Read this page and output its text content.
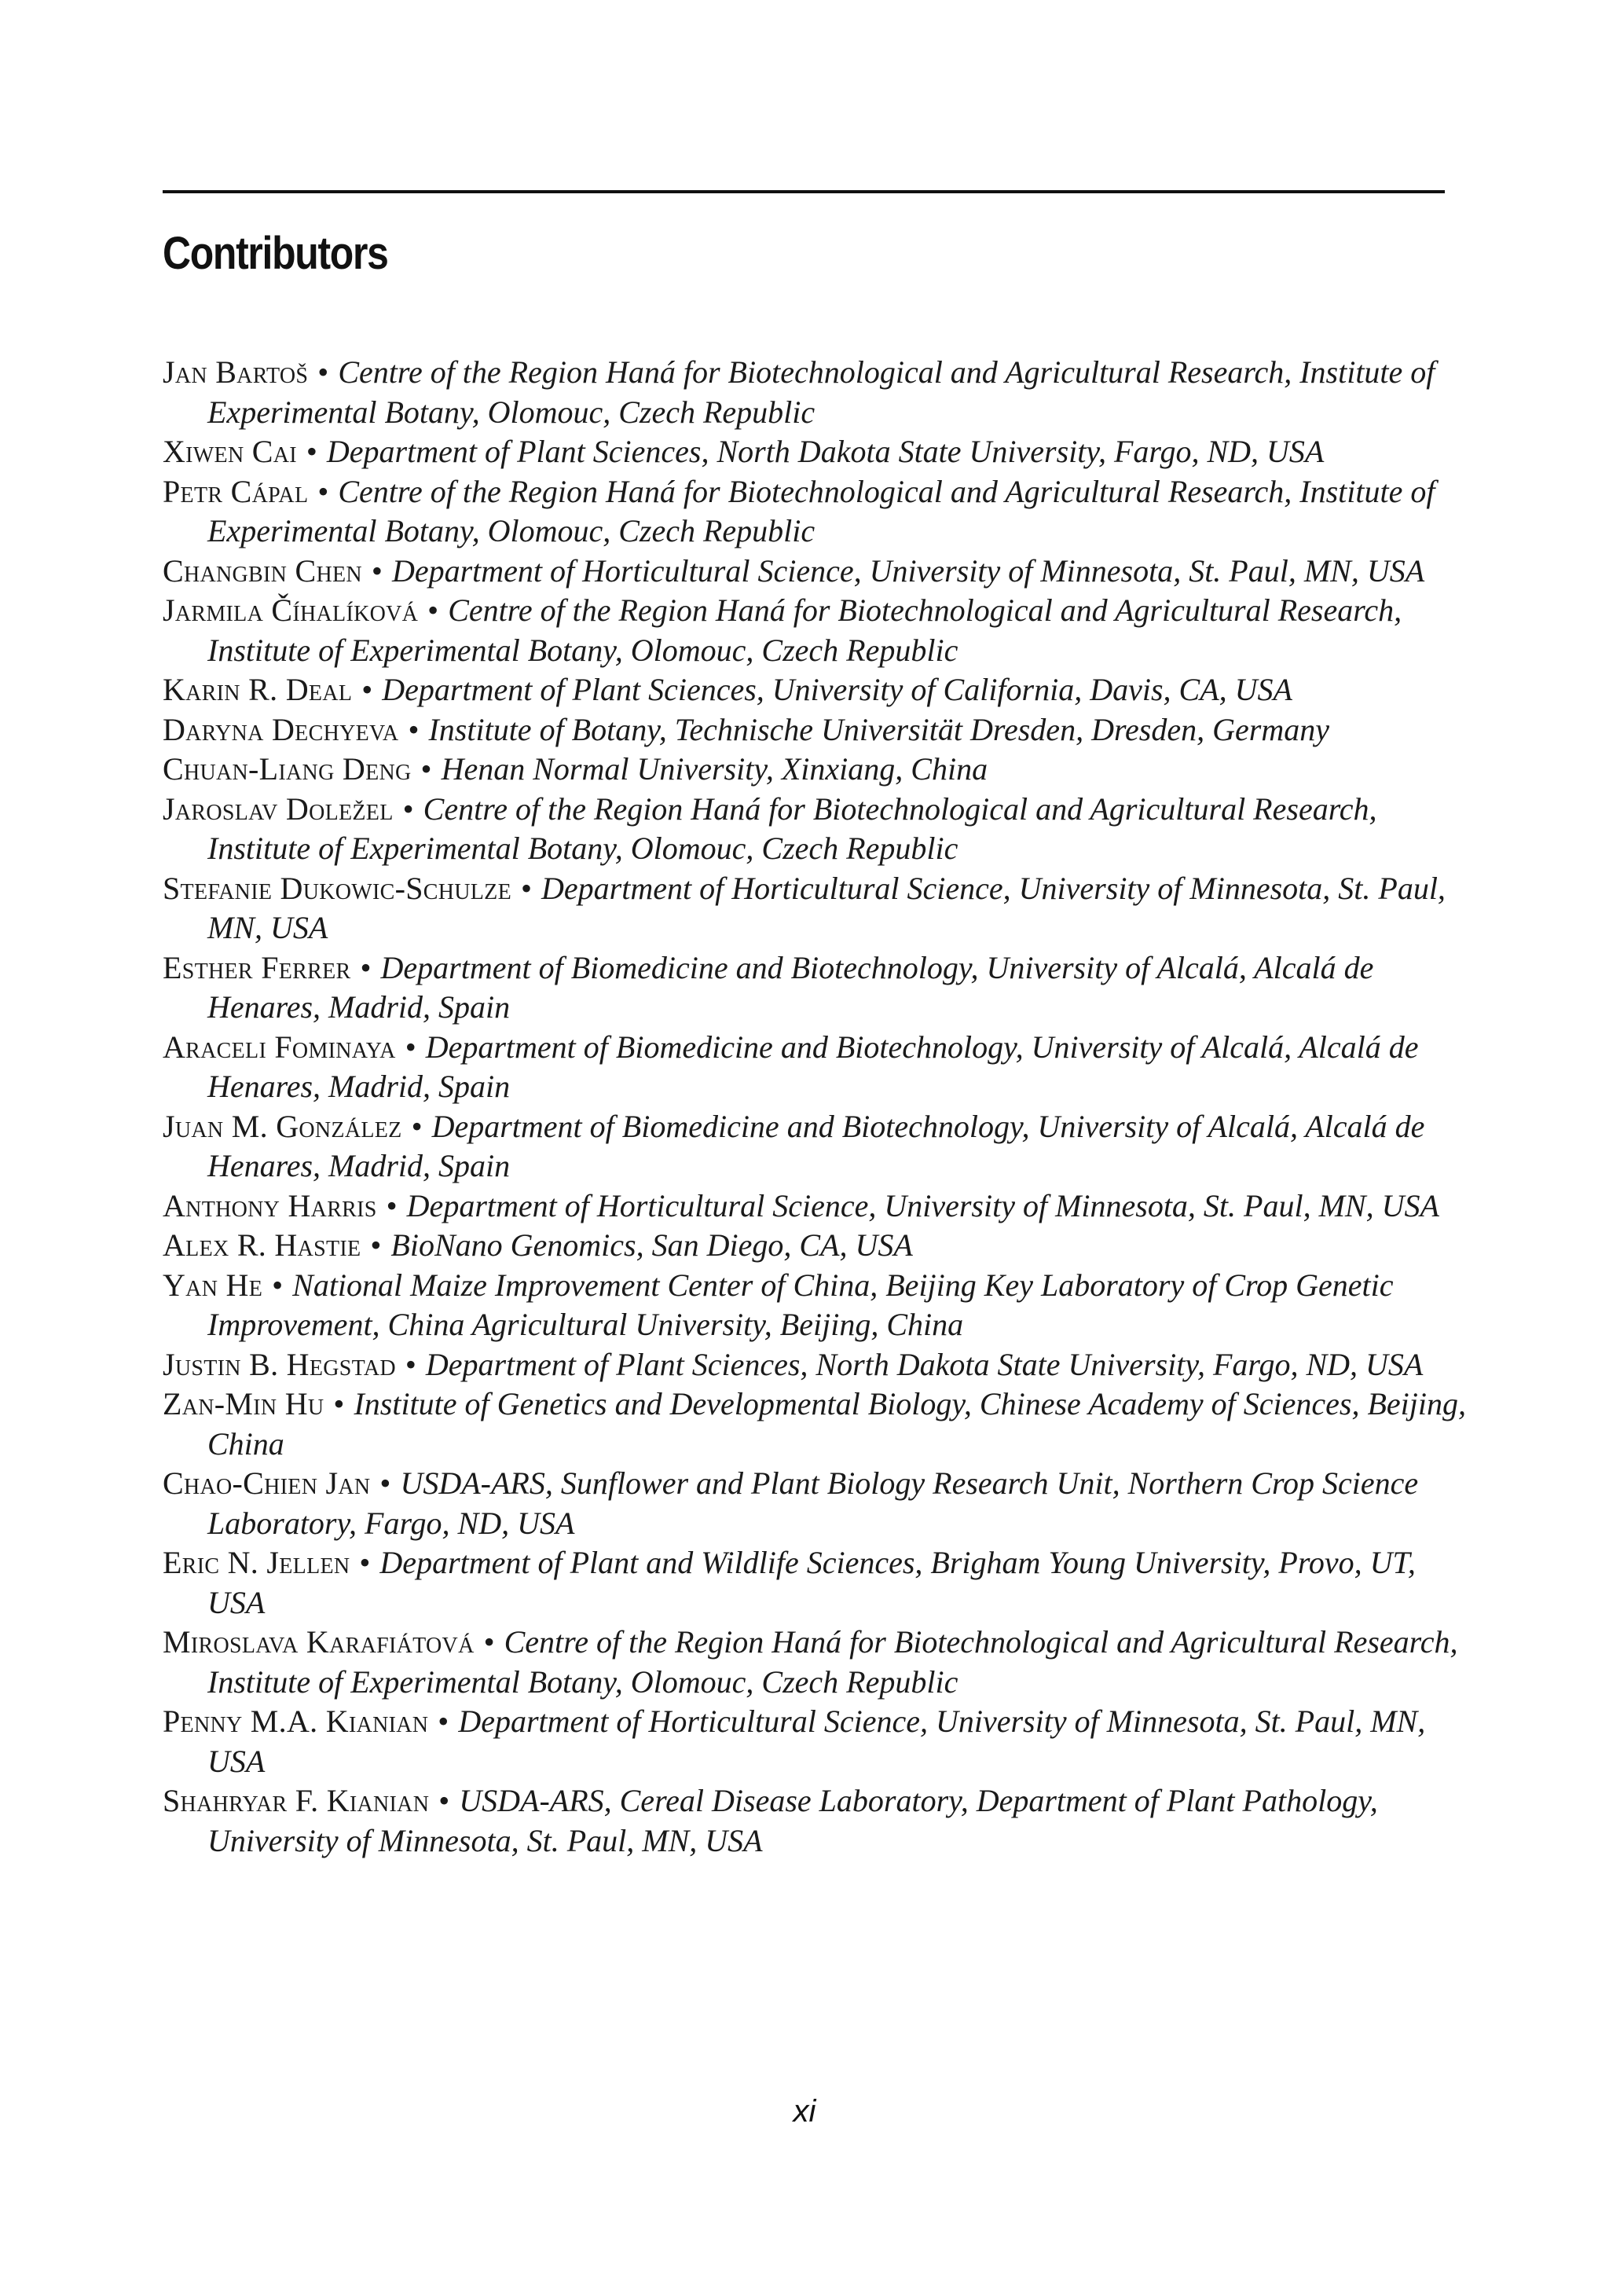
Contributors
Jan Bartoš • Centre of the Region Haná for Biotechnological and Agricultural Research, Institute of Experimental Botany, Olomouc, Czech Republic
Xiwen Cai • Department of Plant Sciences, North Dakota State University, Fargo, ND, USA
Petr Cápal • Centre of the Region Haná for Biotechnological and Agricultural Research, Institute of Experimental Botany, Olomouc, Czech Republic
Changbin Chen • Department of Horticultural Science, University of Minnesota, St. Paul, MN, USA
Jarmila Číhalíková • Centre of the Region Haná for Biotechnological and Agricultural Research, Institute of Experimental Botany, Olomouc, Czech Republic
Karin R. Deal • Department of Plant Sciences, University of California, Davis, CA, USA
Daryna Dechyeva • Institute of Botany, Technische Universität Dresden, Dresden, Germany
Chuan-Liang Deng • Henan Normal University, Xinxiang, China
Jaroslav Doležel • Centre of the Region Haná for Biotechnological and Agricultural Research, Institute of Experimental Botany, Olomouc, Czech Republic
Stefanie Dukowic-Schulze • Department of Horticultural Science, University of Minnesota, St. Paul, MN, USA
Esther Ferrer • Department of Biomedicine and Biotechnology, University of Alcalá, Alcalá de Henares, Madrid, Spain
Araceli Fominaya • Department of Biomedicine and Biotechnology, University of Alcalá, Alcalá de Henares, Madrid, Spain
Juan M. González • Department of Biomedicine and Biotechnology, University of Alcalá, Alcalá de Henares, Madrid, Spain
Anthony Harris • Department of Horticultural Science, University of Minnesota, St. Paul, MN, USA
Alex R. Hastie • BioNano Genomics, San Diego, CA, USA
Yan He • National Maize Improvement Center of China, Beijing Key Laboratory of Crop Genetic Improvement, China Agricultural University, Beijing, China
Justin B. Hegstad • Department of Plant Sciences, North Dakota State University, Fargo, ND, USA
Zan-Min Hu • Institute of Genetics and Developmental Biology, Chinese Academy of Sciences, Beijing, China
Chao-Chien Jan • USDA-ARS, Sunflower and Plant Biology Research Unit, Northern Crop Science Laboratory, Fargo, ND, USA
Eric N. Jellen • Department of Plant and Wildlife Sciences, Brigham Young University, Provo, UT, USA
Miroslava Karafiátová • Centre of the Region Haná for Biotechnological and Agricultural Research, Institute of Experimental Botany, Olomouc, Czech Republic
Penny M.A. Kianian • Department of Horticultural Science, University of Minnesota, St. Paul, MN, USA
Shahryar F. Kianian • USDA-ARS, Cereal Disease Laboratory, Department of Plant Pathology, University of Minnesota, St. Paul, MN, USA
xi
